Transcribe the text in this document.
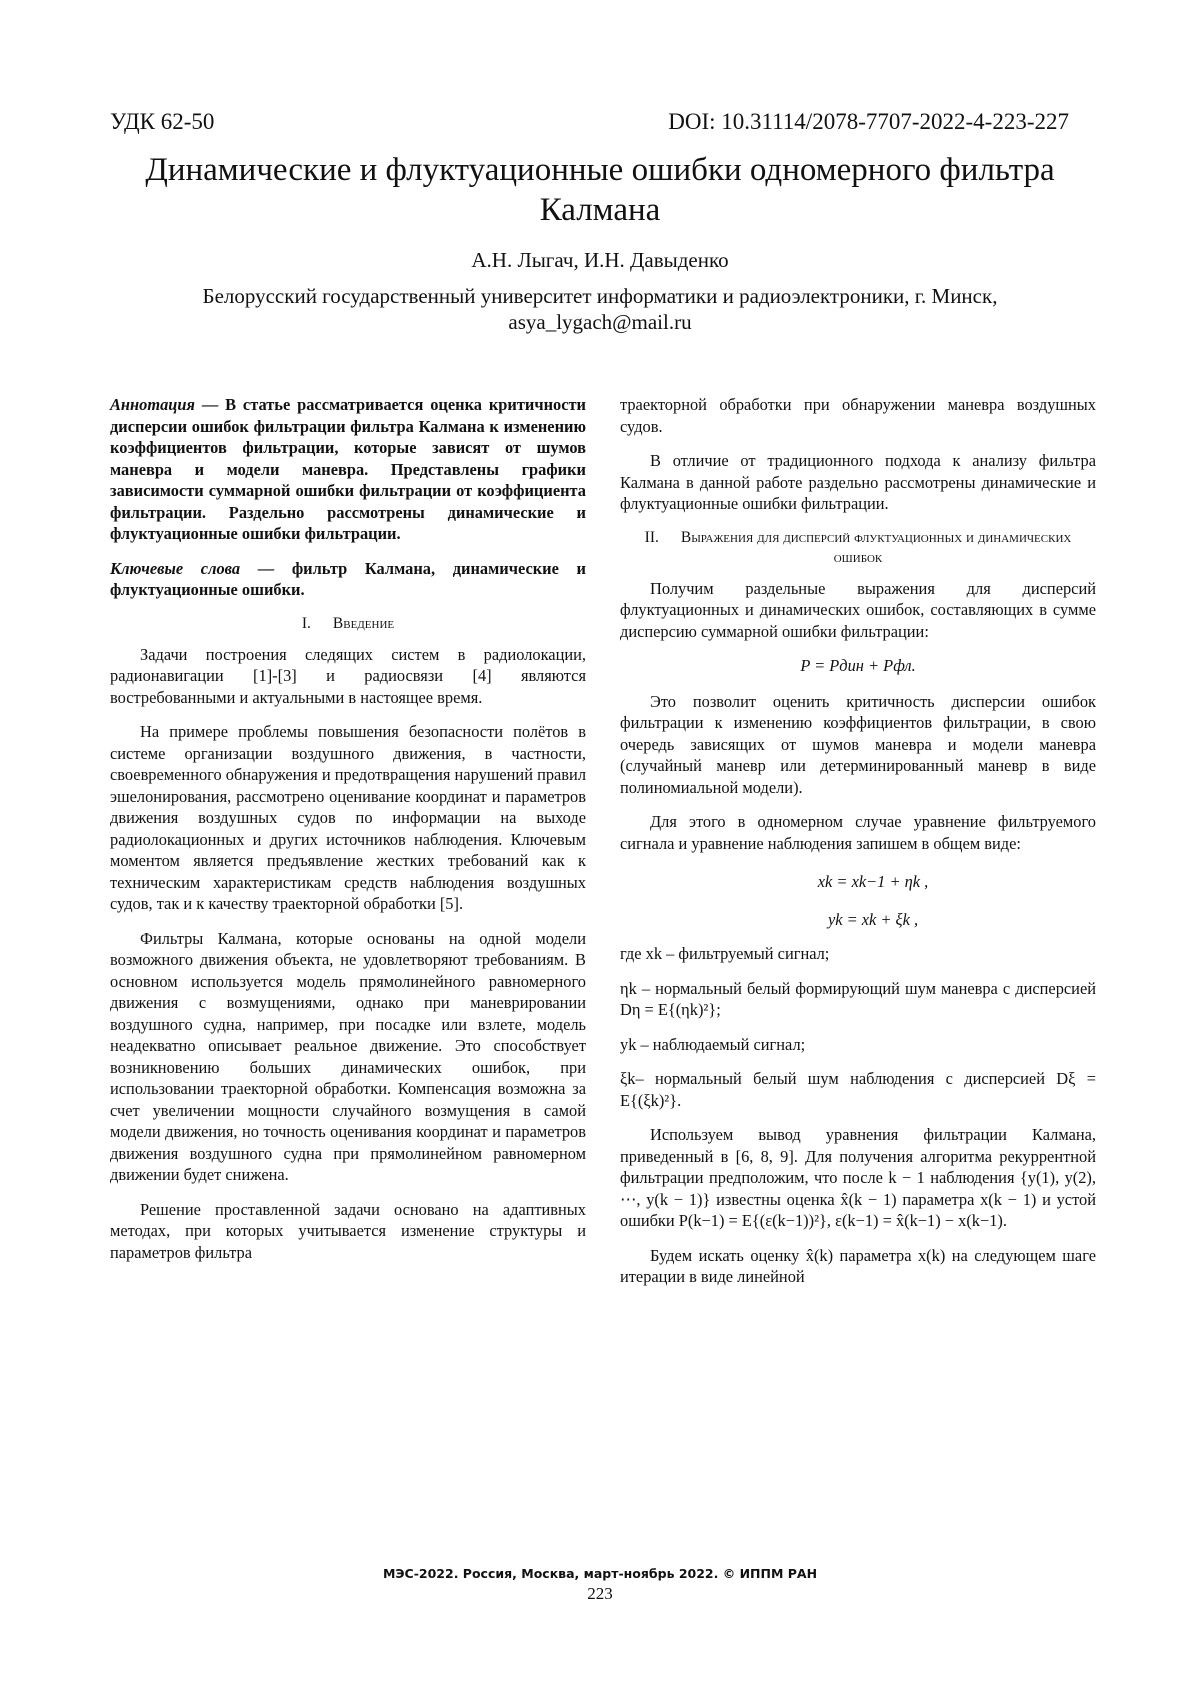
УДК 62-50	DOI: 10.31114/2078-7707-2022-4-223-227
Динамические и флуктуационные ошибки одномерного фильтра Калмана
А.Н. Лыгач, И.Н. Давыденко
Белорусский государственный университет информатики и радиоэлектроники, г. Минск,
asya_lygach@mail.ru

Аннотация — В статье рассматривается оценка критичности дисперсии ошибок фильтрации фильтра Калмана к изменению коэффициентов фильтрации, которые зависят от шумов маневра и модели маневра. Представлены графики зависимости суммарной ошибки фильтрации от коэффициента фильтрации. Раздельно рассмотрены динамические и флуктуационные ошибки фильтрации.

Ключевые слова — фильтр Калмана, динамические и флуктуационные ошибки.

I. Введение

Задачи построения следящих систем в радиолокации, радионавигации [1]-[3] и радиосвязи [4] являются востребованными и актуальными в настоящее время.

На примере проблемы повышения безопасности полётов в системе организации воздушного движения, в частности, своевременного обнаружения и предотвращения нарушений правил эшелонирования, рассмотрено оценивание координат и параметров движения воздушных судов по информации на выходе радиолокационных и других источников наблюдения. Ключевым моментом является предъявление жестких требований как к техническим характеристикам средств наблюдения воздушных судов, так и к качеству траекторной обработки [5].

Фильтры Калмана, которые основаны на одной модели возможного движения объекта, не удовлетворяют требованиям. В основном используется модель прямолинейного равномерного движения с возмущениями, однако при маневрировании воздушного судна, например, при посадке или взлете, модель неадекватно описывает реальное движение. Это способствует возникновению больших динамических ошибок, при использовании траекторной обработки. Компенсация возможна за счет увеличении мощности случайного возмущения в самой модели движения, но точность оценивания координат и параметров движения воздушного судна при прямолинейном равномерном движении будет снижена.

Решение проставленной задачи основано на адаптивных методах, при которых учитывается изменение структуры и параметров фильтра

траекторной обработки при обнаружении маневра воздушных судов.

В отличие от традиционного подхода к анализу фильтра Калмана в данной работе раздельно рассмотрены динамические и флуктуационные ошибки фильтрации.

II. Выражения для дисперсий флуктуационных и динамических ошибок

Получим раздельные выражения для дисперсий флуктуационных и динамических ошибок, составляющих в сумме дисперсию суммарной ошибки фильтрации:

P = Pдин + Pфл.

Это позволит оценить критичность дисперсии ошибок фильтрации к изменению коэффициентов фильтрации, в свою очередь зависящих от шумов маневра и модели маневра (случайный маневр или детерминированный маневр в виде полиномиальной модели).

Для этого в одномерном случае уравнение фильтруемого сигнала и уравнение наблюдения запишем в общем виде:

xk = xk−1 + ηk ,
yk = xk + ξk ,

где xk – фильтруемый сигнал;

ηk – нормальный белый формирующий шум маневра с дисперсией Dη = E{(ηk)²};

yk – наблюдаемый сигнал;

ξk– нормальный белый шум наблюдения с дисперсией Dξ = E{(ξk)²}.

Используем вывод уравнения фильтрации Калмана, приведенный в [6, 8, 9]. Для получения алгоритма рекуррентной фильтрации предположим, что после k − 1 наблюдения {y(1), y(2), ⋯, y(k − 1)} известны оценка x̂(k − 1) параметра x(k − 1) и устой ошибки P(k−1) = E{(ε(k−1))²}, ε(k−1) = x̂(k−1) − x(k−1).

Будем искать оценку x̂(k) параметра x(k) на следующем шаге итерации в виде линейной

МЭС-2022. Россия, Москва, март-ноябрь 2022. © ИППМ РАН
223
